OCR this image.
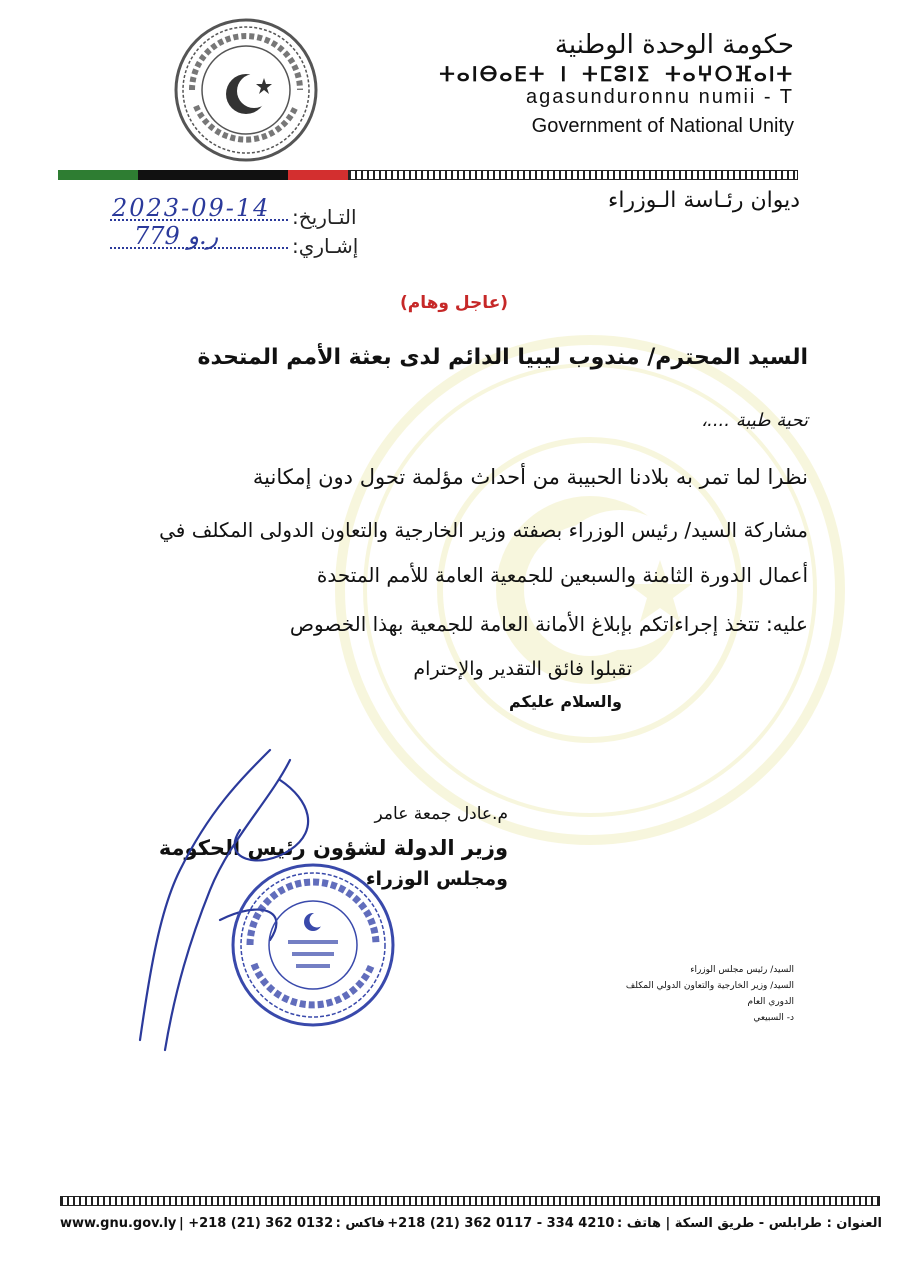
حكومة الوحدة الوطنية
ⵜⴰⵏⴱⴰⴹⵜ ⵏ ⵜⵎⵓⵏⵉ ⵜⴰⵖⵔⴼⴰⵏⵜ
agasunduronnu numii - T
Government of National Unity
ديوان رئـاسة الـوزراء
التـاريخ:
إشـاري:
2023-09-14
779 ر.و
(عاجل وهام)
السيد المحترم/ مندوب ليبيا الدائم لدى بعثة الأمم المتحدة
تحية طيبة ....،
نظرا لما تمر به بلادنا الحبيبة من أحداث مؤلمة تحول دون إمكانية
مشاركة السيد/ رئيس الوزراء بصفته وزير الخارجية والتعاون الدولى المكلف في
أعمال الدورة الثامنة والسبعين للجمعية العامة للأمم المتحدة
عليه: تتخذ إجراءاتكم بإبلاغ الأمانة العامة للجمعية بهذا الخصوص
تقبلوا فائق التقدير والإحترام
والسلام عليكم
م.عادل جمعة عامر
وزير الدولة لشؤون رئيس الحكومة
ومجلس الوزراء
السيد/ رئيس مجلس الوزراء
السيد/ وزير الخارجية والتعاون الدولي المكلف
الدوري العام
د- السبيعي
www.gnu.gov.ly | +218 (21) 362 0132 فاكس : +218 (21) 362 0117 - 334 4210 العنوان : طرابلس - طريق السكة | هاتف :
